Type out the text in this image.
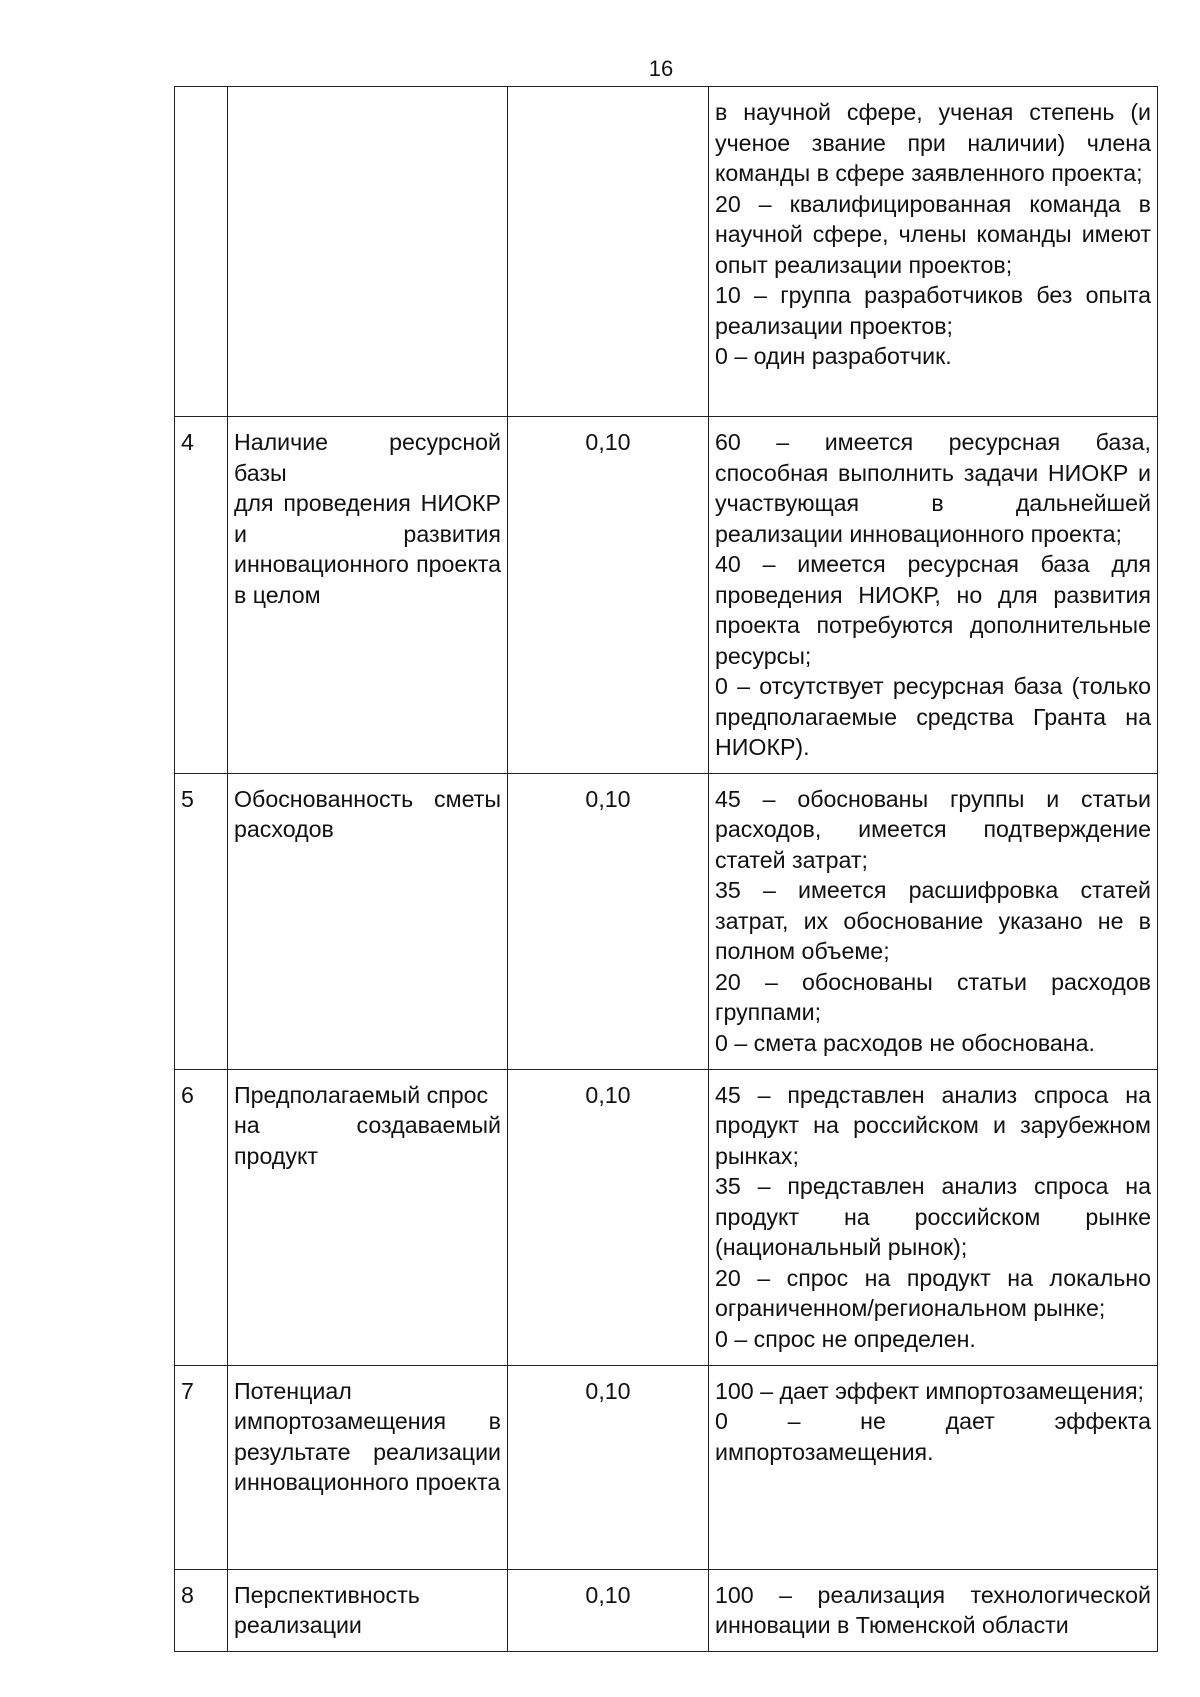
16

			в научной сфере, ученая степень (и ученое звание при наличии) члена команды в сфере заявленного проекта;
20 – квалифицированная команда в научной сфере, члены команды имеют опыт реализации проектов;
10 – группа разработчиков без опыта реализации проектов;
0 – один разработчик.

4	Наличие ресурсной базы
для проведения НИОКР и развития инновационного проекта в целом	0,10	60 – имеется ресурсная база, способная выполнить задачи НИОКР и участвующая в дальнейшей реализации инновационного проекта;
40 – имеется ресурсная база для проведения НИОКР, но для развития проекта потребуются дополнительные ресурсы;
0 – отсутствует ресурсная база (только предполагаемые средства Гранта на НИОКР).

5	Обоснованность сметы расходов	0,10	45 – обоснованы группы и статьи расходов, имеется подтверждение статей затрат;
35 – имеется расшифровка статей затрат, их обоснование указано не в полном объеме;
20 – обоснованы статьи расходов группами;
0 – смета расходов не обоснована.

6	Предполагаемый спрос
на создаваемый продукт	0,10	45 – представлен анализ спроса на продукт на российском и зарубежном рынках;
35 – представлен анализ спроса на продукт на российском рынке (национальный рынок);
20 – спрос на продукт на локально ограниченном/региональном рынке;
0 – спрос не определен.

7	Потенциал импортозамещения в результате реализации инновационного проекта	0,10	100 – дает эффект импортозамещения;
0 – не дает эффекта импортозамещения.

8	Перспективность реализации	0,10	100 – реализация технологической инновации в Тюменской области
